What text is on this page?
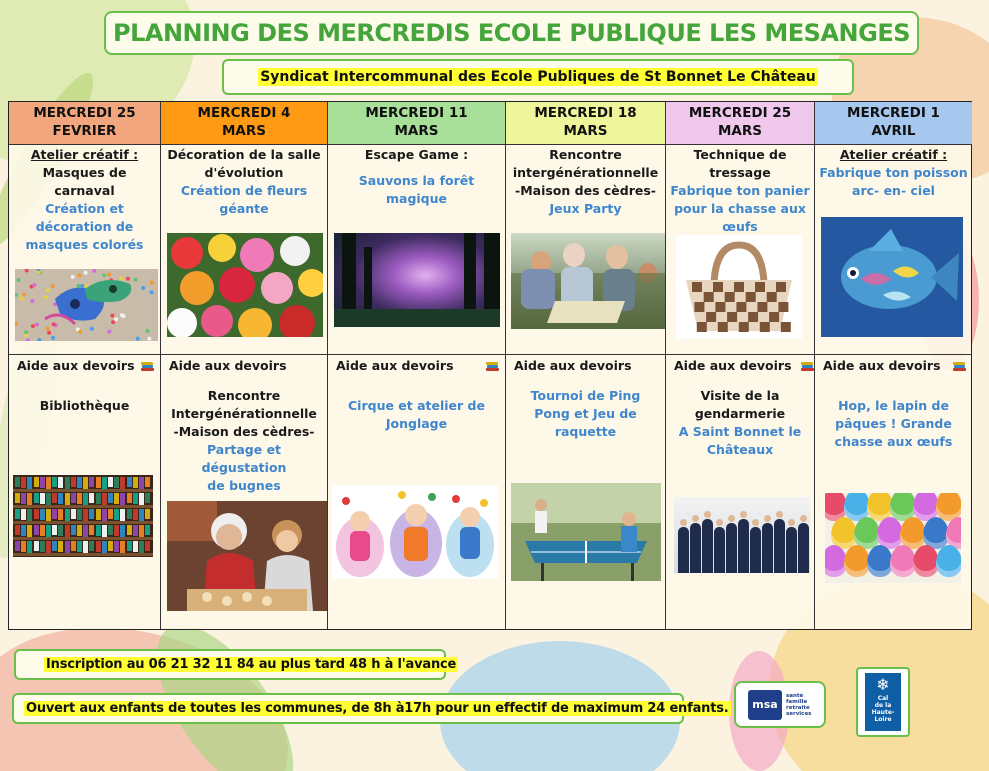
PLANNING DES MERCREDIS ECOLE PUBLIQUE LES MESANGES
Syndicat Intercommunal des Ecole Publiques de St Bonnet Le Château
MERCREDI 25
FEVRIER
MERCREDI 4
MARS
MERCREDI 11
MARS
MERCREDI 18
MARS
MERCREDI 25
MARS
MERCREDI 1
AVRIL
Atelier créatif :
Masques de
carnaval
Création et
décoration de
masques colorés
Décoration de la salle
d'évolution
Création de fleurs
géante
Escape Game :
Sauvons la forêt
magique
Rencontre
intergénérationnelle
-Maison des cèdres-
Jeux Party
Technique de
tressage
Fabrique ton panier
pour la chasse aux
œufs
Atelier créatif :
Fabrique ton poisson
arc- en- ciel
Aide aux devoirs
Bibliothèque
Aide aux devoirs
Rencontre
Intergénérationnelle
-Maison des cèdres-
Partage et dégustation
de bugnes
Aide aux devoirs
Cirque et atelier de
Jonglage
Aide aux devoirs
Tournoi de Ping
Pong et Jeu de
raquette
Aide aux devoirs
Visite de la
gendarmerie
A Saint Bonnet le
Châteaux
Aide aux devoirs
Hop, le lapin de
pâques ! Grande
chasse aux œufs
Inscription au 06 21 32 11 84 au plus tard 48 h à l'avance
Ouvert aux enfants de toutes les communes, de 8h à17h pour un effectif de maximum 24 enfants.	msa
santé
famille
retraite
services
❄
Cal
de la
Haute-Loire
